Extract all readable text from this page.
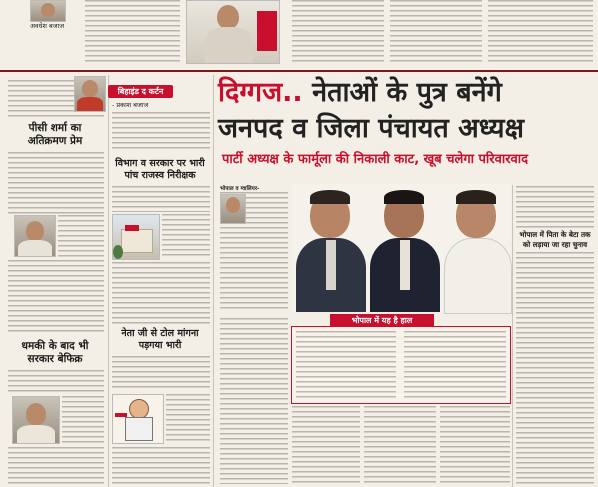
अवधेश बजाज
पीसी शर्मा का
अतिक्रमण प्रेम
धमकी के बाद भी
सरकार बेफिक्र
बिहाइंड द कर्टन
- प्रकाश बजाज
विभाग व सरकार पर भारी
पांच राजस्व निरीक्षक
नेता जी से टोल मांगना
पड़गया भारी
दिग्गज.. नेताओं के पुत्र बनेंगे
जनपद व जिला पंचायत अध्यक्ष
पार्टी अध्यक्ष के फार्मूला की निकाली काट, खूब चलेगा परिवारवाद
भोपाल व ग्वालियर-
भोपाल में यह है हाल
भोपाल में पिता के बेटा तक
को लड़ाया जा रहा चुनाव
